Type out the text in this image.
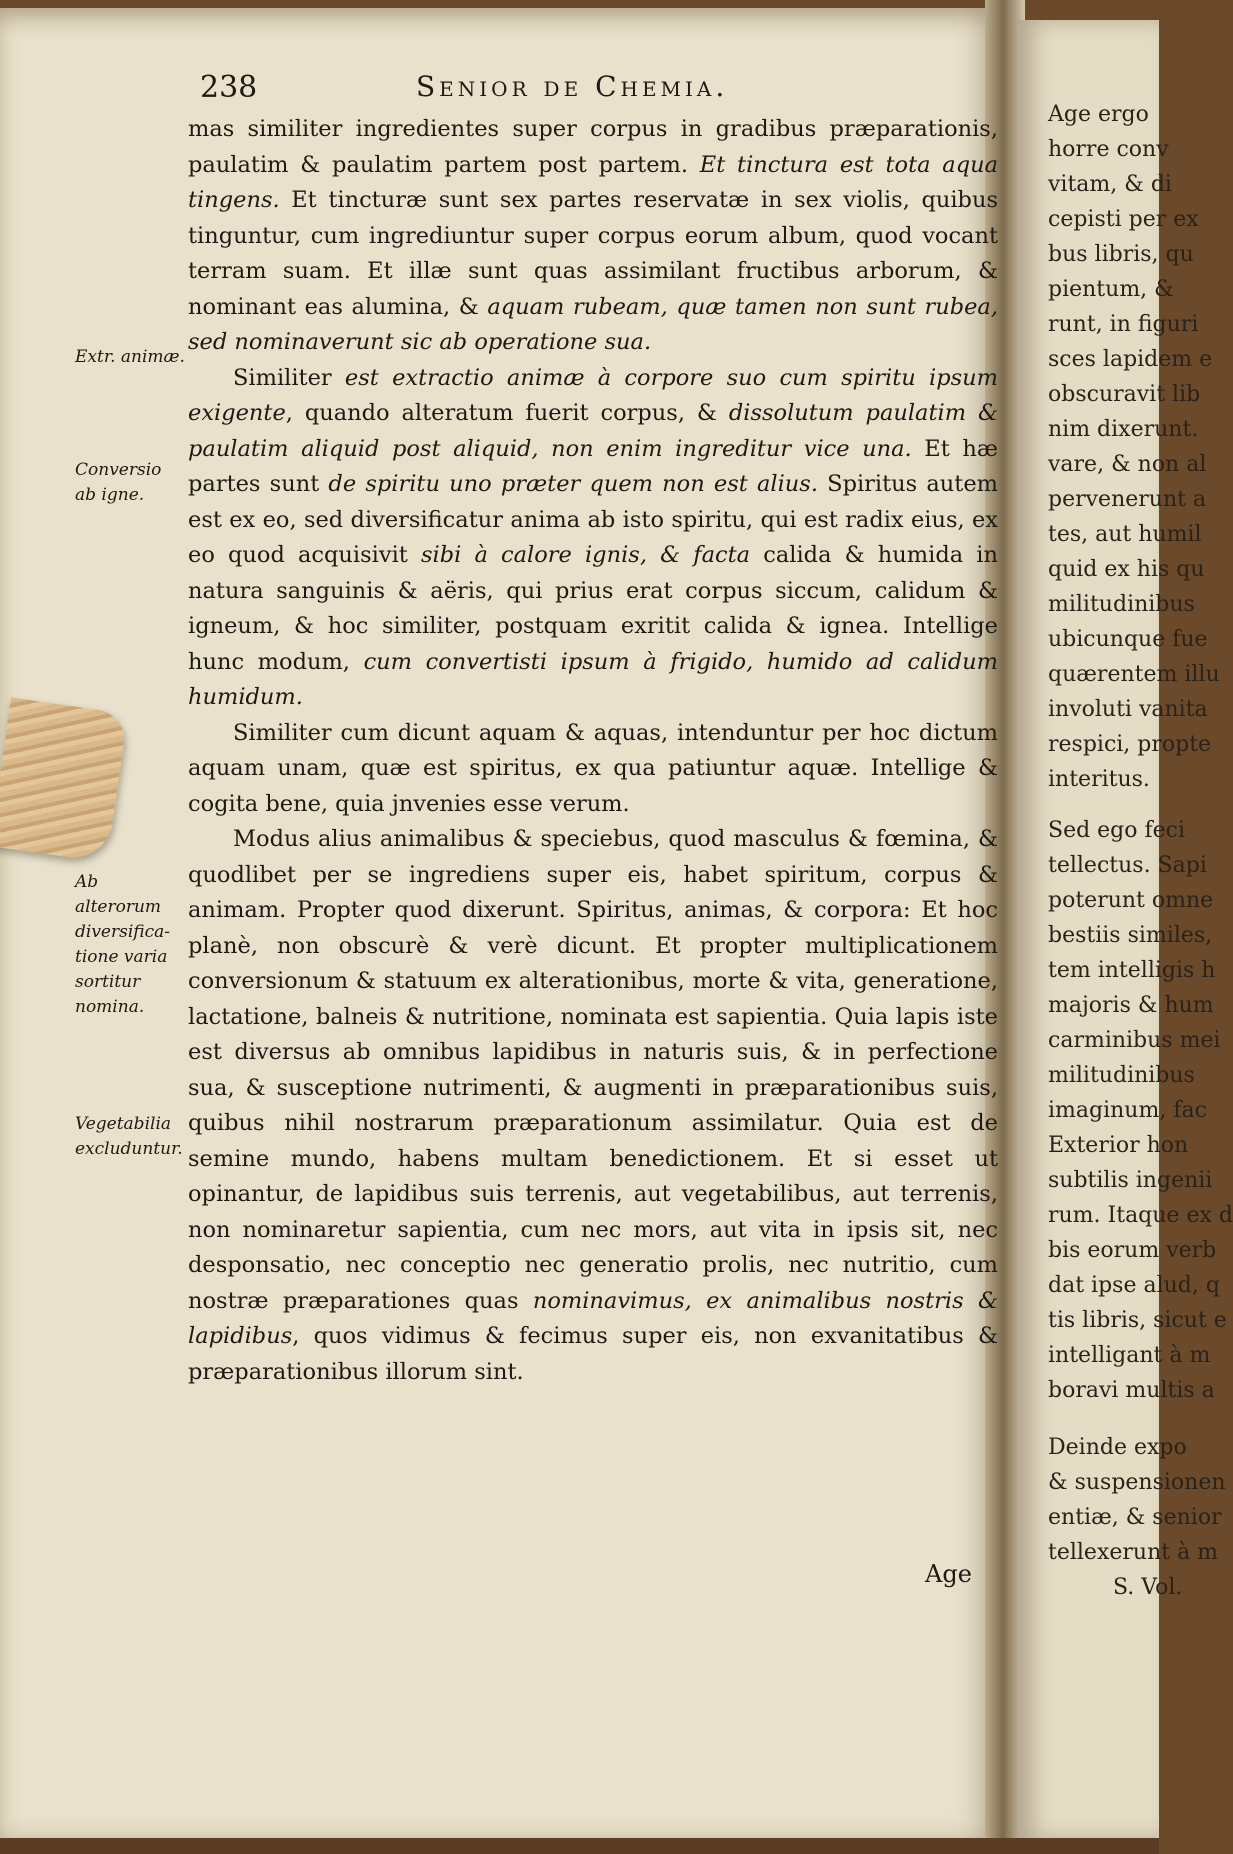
Age ergo
horre conv
vitam, & di
cepisti per ex
bus libris, qu
pientum, &
runt, in figuri
sces lapidem e
obscuravit lib
nim dixerunt.
vare, & non al
pervenerunt a
tes, aut humil
quid ex his qu
militudinibus
ubicunque fue
quærentem illu
involuti vanita
respici, propte
interitus.
Sed ego feci
tellectus. Sapi
poterunt omne
bestiis similes,
tem intelligis h
majoris & hum
carminibus mei
militudinibus
imaginum, fac
Exterior hon
subtilis ingenii
rum. Itaque ex d
bis eorum verb
dat ipse alud, q
tis libris, sicut e
intelligant à m
boravi multis a
Deinde expo
& suspensionen
entiæ, & senior
tellexerunt à m
S. Vol.
238	Senior de Chemia.
Extr. animæ.
Conversio ab igne.
Ab alterorum diversifica-tione varia sortitur nomina.
Vegetabilia excluduntur.

mas similiter ingredientes super corpus in gradibus præparationis, paulatim & paulatim partem post partem. Et tinctura est tota aqua tingens. Et tincturæ sunt sex partes reservatæ in sex violis, quibus tinguntur, cum ingrediuntur super corpus eorum album, quod vocant terram suam. Et illæ sunt quas assimilant fructibus arborum, & nominant eas alumina, & aquam rubeam, quæ tamen non sunt rubea, sed nominaverunt sic ab operatione sua.

Similiter est extractio animæ à corpore suo cum spiritu ipsum exigente, quando alteratum fuerit corpus, & dissolutum paulatim & paulatim aliquid post aliquid, non enim ingreditur vice una. Et hæ partes sunt de spiritu uno præter quem non est alius. Spiritus autem est ex eo, sed diversificatur anima ab isto spiritu, qui est radix eius, ex eo quod acquisivit sibi à calore ignis, & facta calida & humida in natura sanguinis & aëris, qui prius erat corpus siccum, calidum & igneum, & hoc similiter, postquam exritit calida & ignea. Intellige hunc modum, cum convertisti ipsum à frigido, humido ad calidum humidum.

Similiter cum dicunt aquam & aquas, intenduntur per hoc dictum aquam unam, quæ est spiritus, ex qua patiuntur aquæ. Intellige & cogita bene, quia jnvenies esse verum.

Modus alius animalibus & speciebus, quod masculus & fœmina, & quodlibet per se ingrediens super eis, habet spiritum, corpus & animam. Propter quod dixerunt. Spiritus, animas, & corpora: Et hoc planè, non obscurè & verè dicunt. Et propter multiplicationem conversionum & statuum ex alterationibus, morte & vita, generatione, lactatione, balneis & nutritione, nominata est sapientia. Quia lapis iste est diversus ab omnibus lapidibus in naturis suis, & in perfectione sua, & susceptione nutrimenti, & augmenti in præparationibus suis, quibus nihil nostrarum præparationum assimilatur. Quia est de semine mundo, habens multam benedictionem. Et si esset ut opinantur, de lapidibus suis terrenis, aut vegetabilibus, aut terrenis, non nominaretur sapientia, cum nec mors, aut vita in ipsis sit, nec desponsatio, nec conceptio nec generatio prolis, nec nutritio, cum nostræ præparationes quas nominavimus, ex animalibus nostris & lapidibus, quos vidimus & fecimus super eis, non exvanitatibus & præparationibus illorum sint.

Age
